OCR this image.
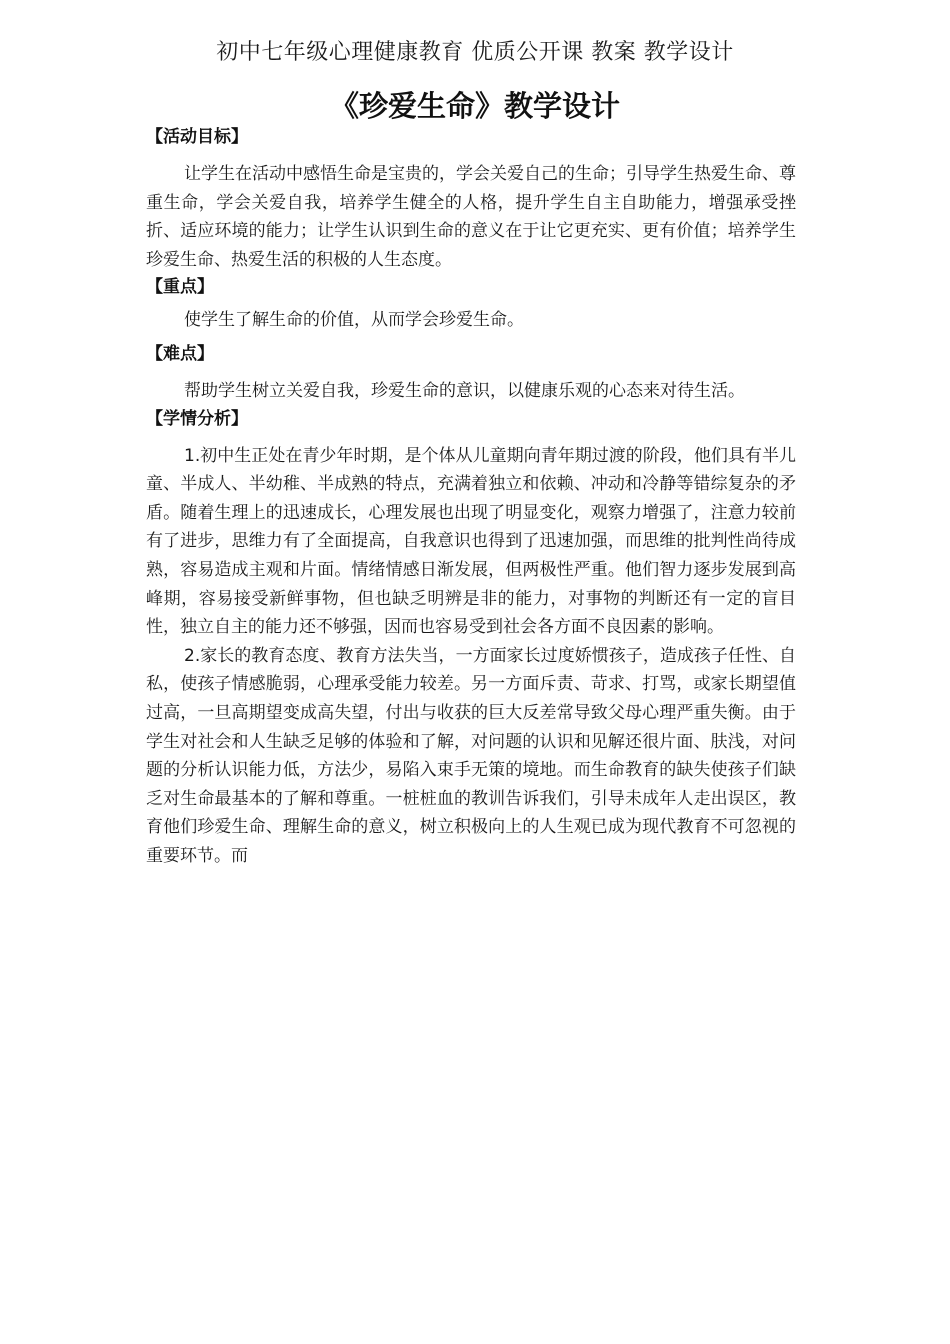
初中七年级心理健康教育 优质公开课 教案 教学设计
《珍爱生命》教学设计

【活动目标】

让学生在活动中感悟生命是宝贵的，学会关爱自己的生命；引导学生热爱生命、尊重生命，学会关爱自我，培养学生健全的人格，提升学生自主自助能力，增强承受挫折、适应环境的能力；让学生认识到生命的意义在于让它更充实、更有价值；培养学生珍爱生命、热爱生活的积极的人生态度。

【重点】

使学生了解生命的价值，从而学会珍爱生命。

【难点】

帮助学生树立关爱自我，珍爱生命的意识，以健康乐观的心态来对待生活。

【学情分析】

1.初中生正处在青少年时期，是个体从儿童期向青年期过渡的阶段，他们具有半儿童、半成人、半幼稚、半成熟的特点，充满着独立和依赖、冲动和冷静等错综复杂的矛盾。随着生理上的迅速成长，心理发展也出现了明显变化，观察力增强了，注意力较前有了进步，思维力有了全面提高，自我意识也得到了迅速加强，而思维的批判性尚待成熟，容易造成主观和片面。情绪情感日渐发展，但两极性严重。他们智力逐步发展到高峰期，容易接受新鲜事物，但也缺乏明辨是非的能力，对事物的判断还有一定的盲目性，独立自主的能力还不够强，因而也容易受到社会各方面不良因素的影响。

2.家长的教育态度、教育方法失当，一方面家长过度娇惯孩子，造成孩子任性、自私，使孩子情感脆弱，心理承受能力较差。另一方面斥责、苛求、打骂，或家长期望值过高，一旦高期望变成高失望，付出与收获的巨大反差常导致父母心理严重失衡。由于学生对社会和人生缺乏足够的体验和了解，对问题的认识和见解还很片面、肤浅，对问题的分析认识能力低，方法少，易陷入束手无策的境地。而生命教育的缺失使孩子们缺乏对生命最基本的了解和尊重。一桩桩血的教训告诉我们，引导未成年人走出误区，教育他们珍爱生命、理解生命的意义，树立积极向上的人生观已成为现代教育不可忽视的重要环节。而
